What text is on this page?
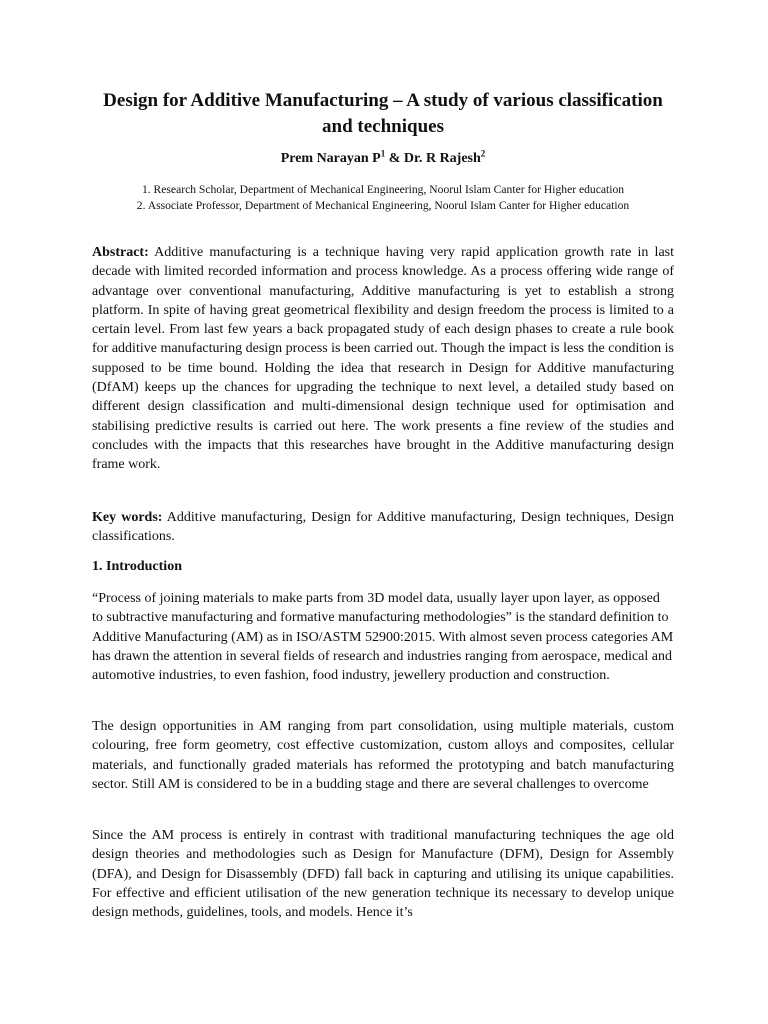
Design for Additive Manufacturing – A study of various classification and techniques
Prem Narayan $P^1$ & Dr. R Rajesh$^2$
1. Research Scholar, Department of Mechanical Engineering, Noorul Islam Canter for Higher education
2. Associate Professor, Department of Mechanical Engineering, Noorul Islam Canter for Higher education

Abstract: Additive manufacturing is a technique having very rapid application growth rate in last decade with limited recorded information and process knowledge. As a process offering wide range of advantage over conventional manufacturing, Additive manufacturing is yet to establish a strong platform. In spite of having great geometrical flexibility and design freedom the process is limited to a certain level. From last few years a back propagated study of each design phases to create a rule book for additive manufacturing design process is been carried out. Though the impact is less the condition is supposed to be time bound. Holding the idea that research in Design for Additive manufacturing (DfAM) keeps up the chances for upgrading the technique to next level, a detailed study based on different design classification and multi-dimensional design technique used for optimisation and stabilising predictive results is carried out here. The work presents a fine review of the studies and concludes with the impacts that this researches have brought in the Additive manufacturing design frame work.

Key words: Additive manufacturing, Design for Additive manufacturing, Design techniques, Design classifications.

1. Introduction

“Process of joining materials to make parts from 3D model data, usually layer upon layer, as opposed to subtractive manufacturing and formative manufacturing methodologies” is the standard definition to Additive Manufacturing (AM) as in ISO/ASTM 52900:2015. With almost seven process categories AM has drawn the attention in several fields of research and industries ranging from aerospace, medical and automotive industries, to even fashion, food industry, jewellery production and construction.

The design opportunities in AM ranging from part consolidation, using multiple materials, custom colouring, free form geometry, cost effective customization, custom alloys and composites, cellular materials, and functionally graded materials has reformed the prototyping and batch manufacturing sector. Still AM is considered to be in a budding stage and there are several challenges to overcome

Since the AM process is entirely in contrast with traditional manufacturing techniques the age old design theories and methodologies such as Design for Manufacture (DFM), Design for Assembly (DFA), and Design for Disassembly (DFD) fall back in capturing and utilising its unique capabilities. For effective and efficient utilisation of the new generation technique its necessary to develop unique design methods, guidelines, tools, and models. Hence it’s
